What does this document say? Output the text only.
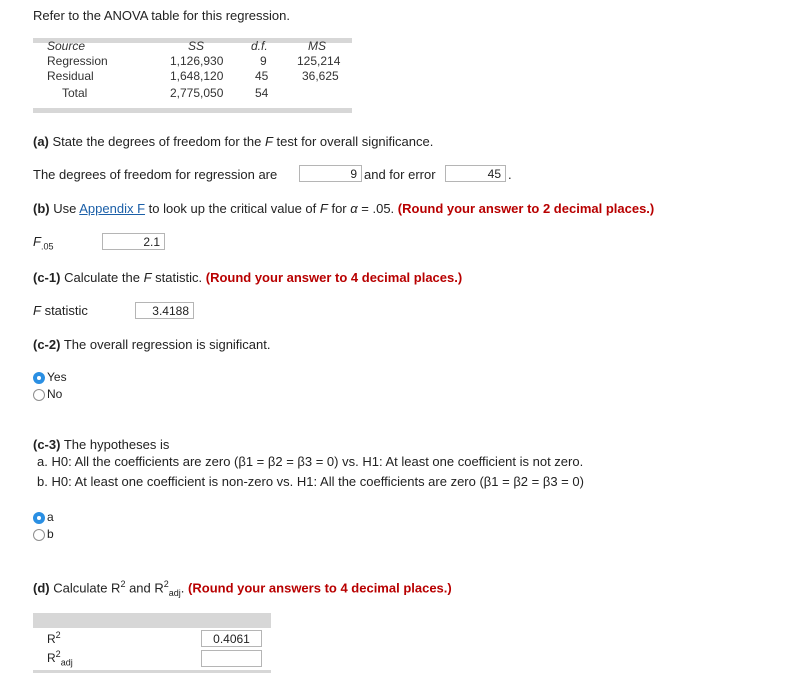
Refer to the ANOVA table for this regression.
Source	SS	d.f.	MS
Regression	1,126,930	9	125,214
Residual	1,648,120	45	36,625
Total	2,775,050	54
(a) State the degrees of freedom for the F test for overall significance.
The degrees of freedom for regression are	9 and for error	45 .
(b) Use Appendix F to look up the critical value of F for α = .05. (Round your answer to 2 decimal places.)
$F_{.05}$	2.1
(c-1) Calculate the F statistic. (Round your answer to 4 decimal places.)
F statistic	3.4188
(c-2) The overall regression is significant.
Yes
No
(c-3) The hypotheses is
a. H0: All the coefficients are zero (β1 = β2 = β3 = 0) vs. H1: At least one coefficient is not zero.
b. H0: At least one coefficient is non-zero vs. H1: All the coefficients are zero (β1 = β2 = β3 = 0)
a
b
(d) Calculate $R^2$ and $R^2_{adj}$. (Round your answers to 4 decimal places.)
$R^2$	0.4061
$R^2_{adj}$
